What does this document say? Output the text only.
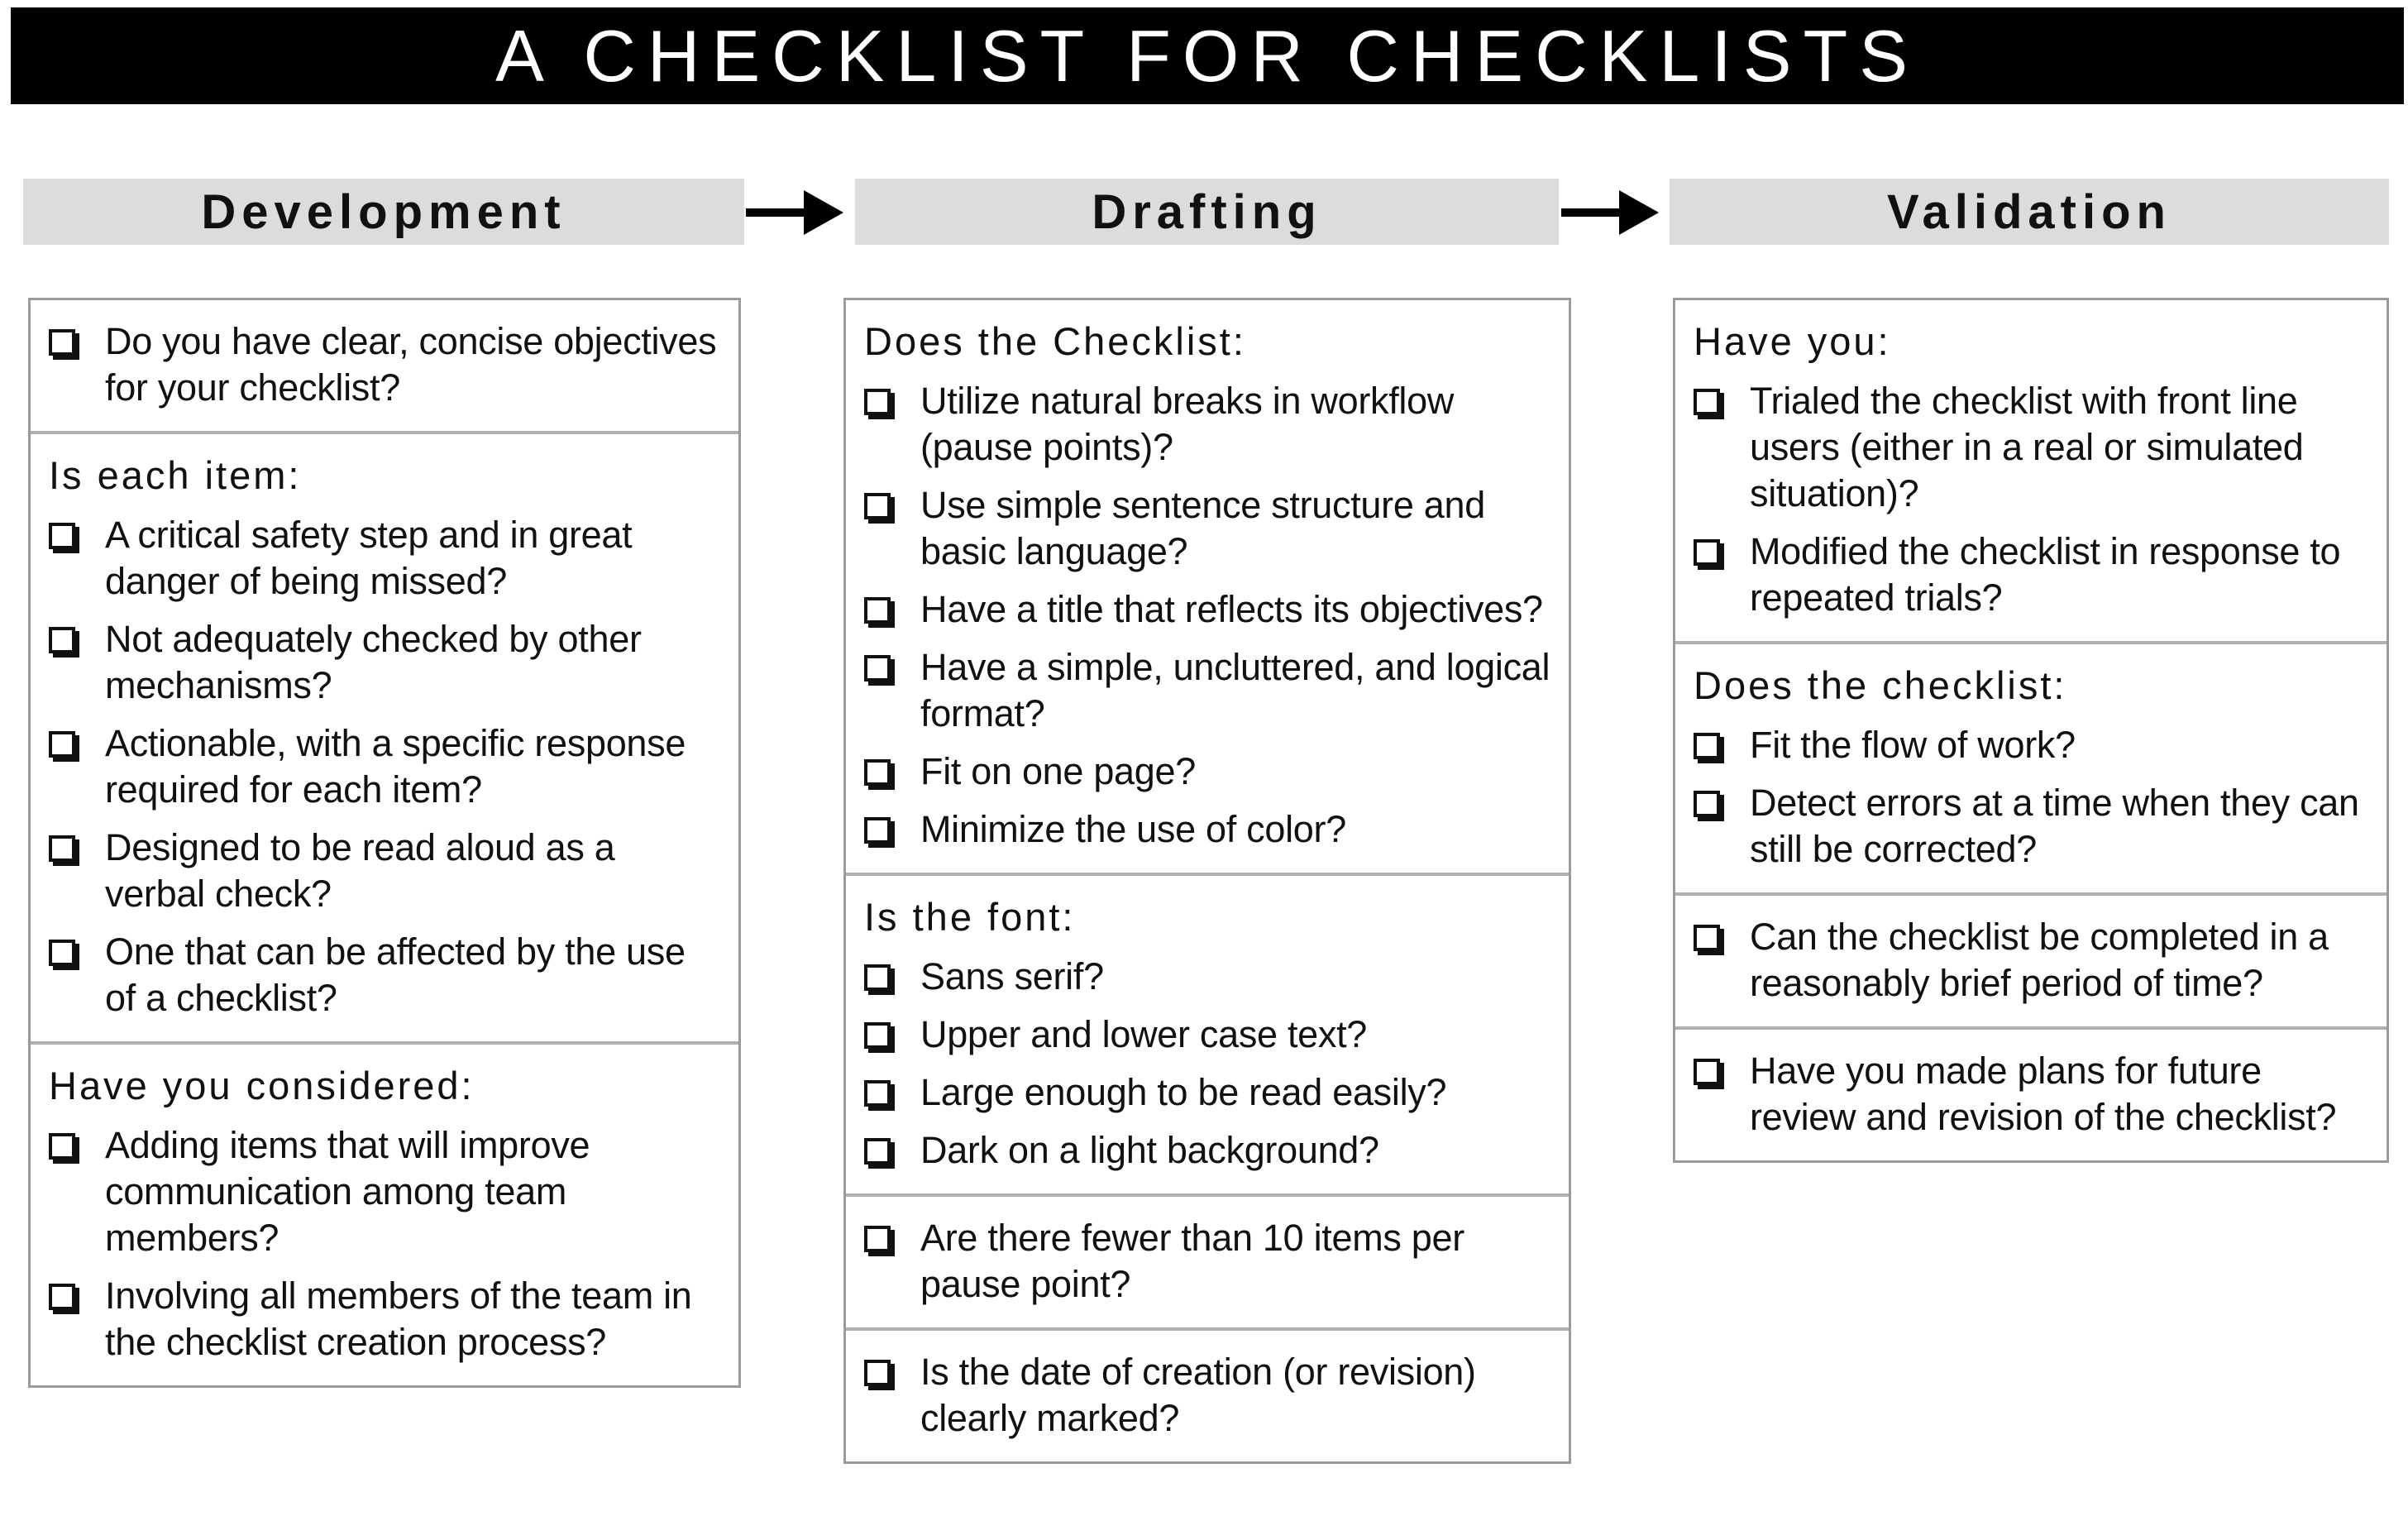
A CHECKLIST FOR CHECKLISTS
Development	Drafting	Validation
Do you have clear, concise objectives for your checklist?
Is each item:
A critical safety step and in great danger of being missed?
Not adequately checked by other mechanisms?
Actionable, with a specific response required for each item?
Designed to be read aloud as a verbal check?
One that can be affected by the use of a checklist?
Have you considered:
Adding items that will improve communication among team members?
Involving all members of the team in the checklist creation process?
Does the Checklist:
Utilize natural breaks in workflow (pause points)?
Use simple sentence structure and basic language?
Have a title that reflects its objectives?
Have a simple, uncluttered, and logical format?
Fit on one page?
Minimize the use of color?
Is the font:
Sans serif?
Upper and lower case text?
Large enough to be read easily?
Dark on a light background?
Are there fewer than 10 items per pause point?
Is the date of creation (or revision) clearly marked?
Have you:
Trialed the checklist with front line users (either in a real or simulated situation)?
Modified the checklist in response to repeated trials?
Does the checklist:
Fit the flow of work?
Detect errors at a time when they can still be corrected?
Can the checklist be completed in a reasonably brief period of time?
Have you made plans for future review and revision of the checklist?
